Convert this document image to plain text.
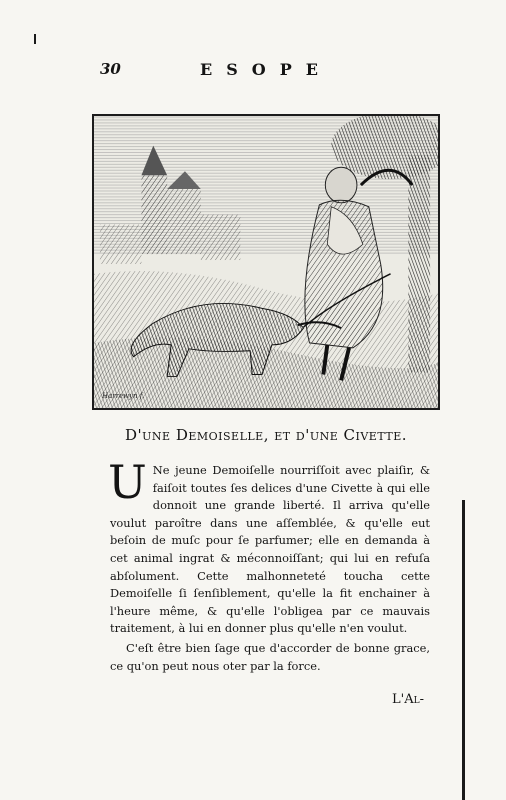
30	ESOPE
Harrewyn f.
D'une Demoiselle, et d'une Civette.

U Ne jeune Demoiſelle nourriſſoit avec plaiſir, & faiſoit toutes ſes delices d'une Civette à qui elle donnoit une grande liberté. Il arriva qu'elle voulut paroître dans une aſſemblée, & qu'elle eut beſoin de muſc pour ſe parfumer; elle en demanda à cet animal ingrat & méconnoiſſant; qui lui en refuſa abſolument. Cette malhonneteté toucha cette Demoiſelle ſi ſenſiblement, qu'elle la fit enchainer à l'heure même, & qu'elle l'obligea par ce mauvais traitement, à lui en donner plus qu'elle n'en voulut.

C'eſt être bien ſage que d'accorder de bonne grace, ce qu'on peut nous oter par la force.

L'Al-
